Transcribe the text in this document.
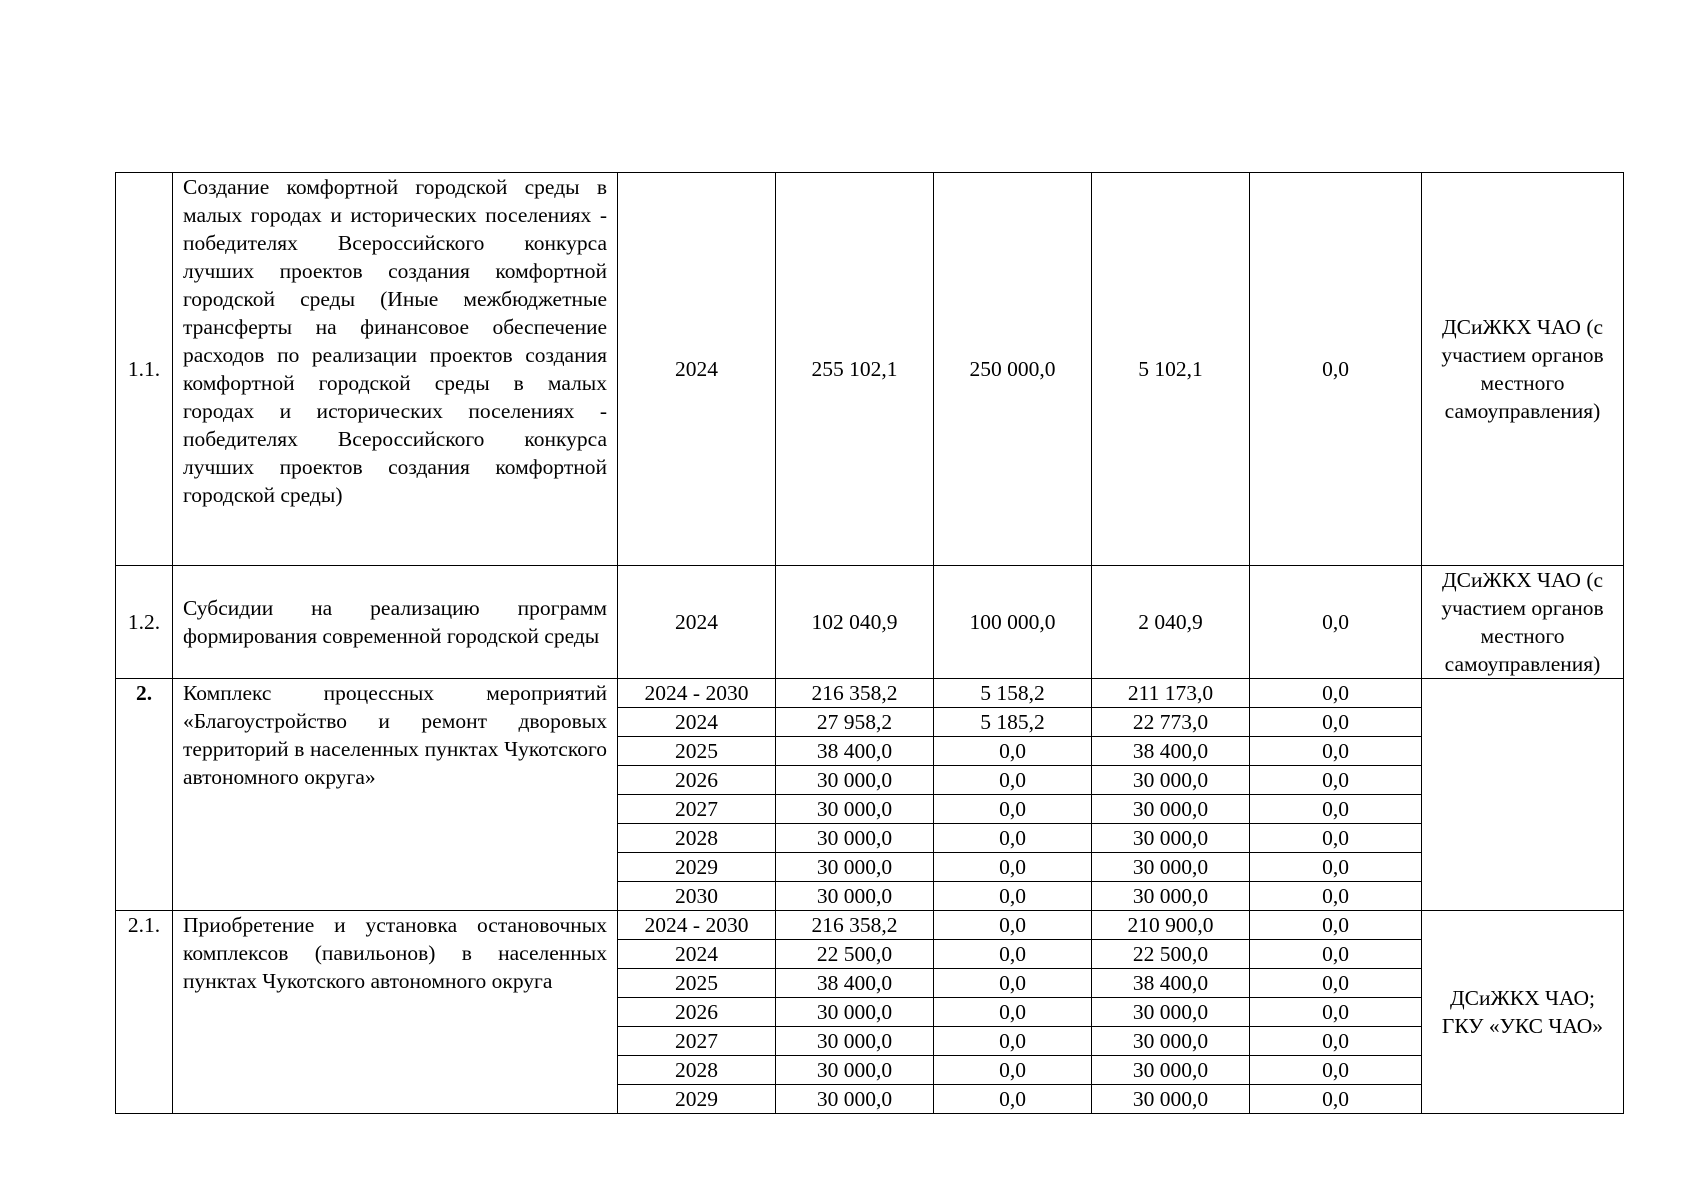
1.1.	Создание комфортной городской среды в малых городах и исторических поселениях - победителях Всероссийского конкурса лучших проектов создания комфортной городской среды (Иные межбюджетные трансферты на финансовое обеспечение расходов по реализации проектов создания комфортной городской среды в малых городах и исторических поселениях - победителях Всероссийского конкурса лучших проектов создания комфортной городской среды)	2024	255 102,1	250 000,0	5 102,1	0,0	ДСиЖКХ ЧАО (с участием органов местного самоуправления)
1.2.	Субсидии на реализацию программ формирования современной городской среды	2024	102 040,9	100 000,0	2 040,9	0,0	ДСиЖКХ ЧАО (с участием органов местного самоуправления)
2.	Комплекс процессных мероприятий «Благоустройство и ремонт дворовых территорий в населенных пунктах Чукотского автономного округа»	2024 - 2030	216 358,2	5 158,2	211 173,0	0,0	
		2024	27 958,2	5 185,2	22 773,0	0,0	
		2025	38 400,0	0,0	38 400,0	0,0	
		2026	30 000,0	0,0	30 000,0	0,0	
		2027	30 000,0	0,0	30 000,0	0,0	
		2028	30 000,0	0,0	30 000,0	0,0	
		2029	30 000,0	0,0	30 000,0	0,0	
		2030	30 000,0	0,0	30 000,0	0,0	
2.1.	Приобретение и установка остановочных комплексов (павильонов) в населенных пунктах Чукотского автономного округа	2024 - 2030	216 358,2	0,0	210 900,0	0,0	ДСиЖКХ ЧАО; ГКУ «УКС ЧАО»
		2024	22 500,0	0,0	22 500,0	0,0	
		2025	38 400,0	0,0	38 400,0	0,0	
		2026	30 000,0	0,0	30 000,0	0,0	
		2027	30 000,0	0,0	30 000,0	0,0	
		2028	30 000,0	0,0	30 000,0	0,0	
		2029	30 000,0	0,0	30 000,0	0,0	
